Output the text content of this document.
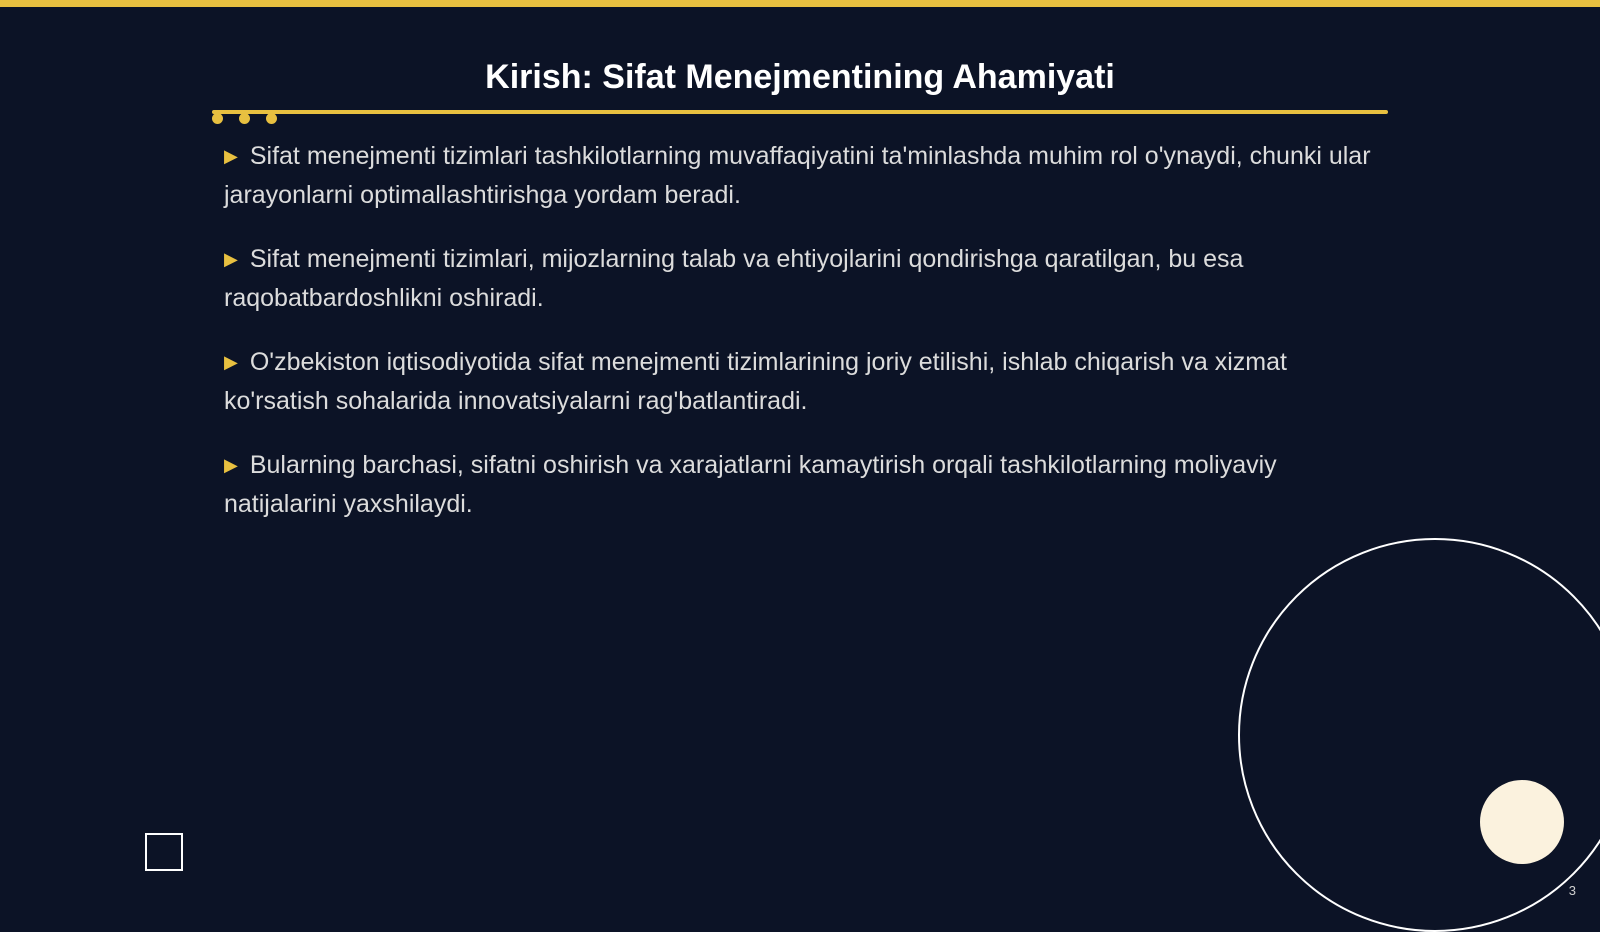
Kirish: Sifat Menejmentining Ahamiyati
▶ Sifat menejmenti tizimlari tashkilotlarning muvaffaqiyatini ta'minlashda muhim rol o'ynaydi, chunki ular jarayonlarni optimallashtirishga yordam beradi.
▶ Sifat menejmenti tizimlari, mijozlarning talab va ehtiyojlarini qondirishga qaratilgan, bu esa raqobatbardoshlikni oshiradi.
▶ O'zbekiston iqtisodiyotida sifat menejmenti tizimlarining joriy etilishi, ishlab chiqarish va xizmat ko'rsatish sohalarida innovatsiyalarni rag'batlantiradi.
▶ Bularning barchasi, sifatni oshirish va xarajatlarni kamaytirish orqali tashkilotlarning moliyaviy natijalarini yaxshilaydi.
3
